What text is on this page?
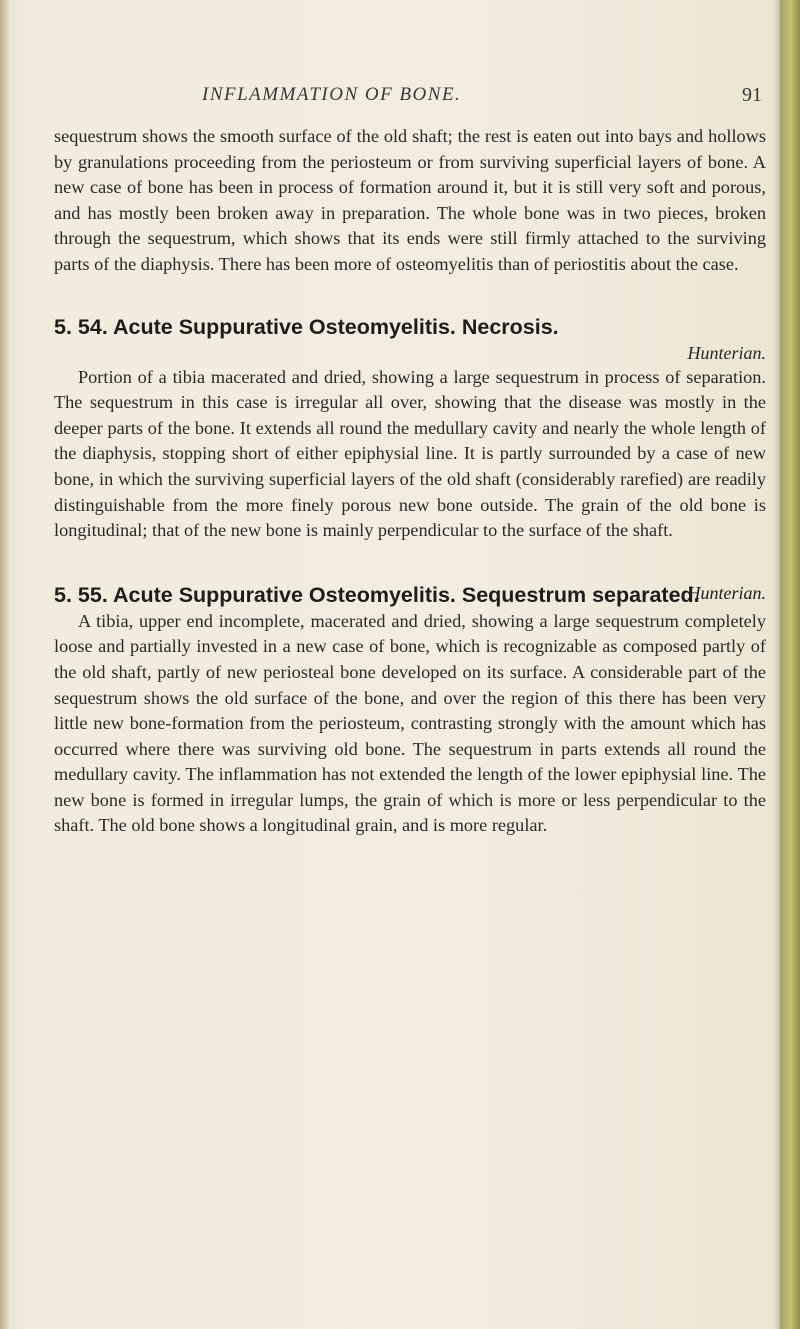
INFLAMMATION OF BONE.	91

sequestrum shows the smooth surface of the old shaft; the rest is eaten out into bays and hollows by granulations proceeding from the periosteum or from surviving superficial layers of bone. A new case of bone has been in process of formation around it, but it is still very soft and porous, and has mostly been broken away in preparation. The whole bone was in two pieces, broken through the sequestrum, which shows that its ends were still firmly attached to the surviving parts of the diaphysis. There has been more of osteomyelitis than of periostitis about the case.

5. 54. Acute Suppurative Osteomyelitis. Necrosis.

Hunterian.

Portion of a tibia macerated and dried, showing a large sequestrum in process of separation. The sequestrum in this case is irregular all over, showing that the disease was mostly in the deeper parts of the bone. It extends all round the medullary cavity and nearly the whole length of the diaphysis, stopping short of either epiphysial line. It is partly surrounded by a case of new bone, in which the surviving superficial layers of the old shaft (considerably rarefied) are readily distinguishable from the more finely porous new bone outside. The grain of the old bone is longitudinal; that of the new bone is mainly perpendicular to the surface of the shaft.

5. 55. Acute Suppurative Osteomyelitis. Sequestrum separated.
Hunterian.

A tibia, upper end incomplete, macerated and dried, showing a large sequestrum completely loose and partially invested in a new case of bone, which is recognizable as composed partly of the old shaft, partly of new periosteal bone developed on its surface. A considerable part of the sequestrum shows the old surface of the bone, and over the region of this there has been very little new bone-formation from the periosteum, contrasting strongly with the amount which has occurred where there was surviving old bone. The sequestrum in parts extends all round the medullary cavity. The inflammation has not extended the length of the lower epiphysial line. The new bone is formed in irregular lumps, the grain of which is more or less perpendicular to the shaft. The old bone shows a longitudinal grain, and is more regular.
